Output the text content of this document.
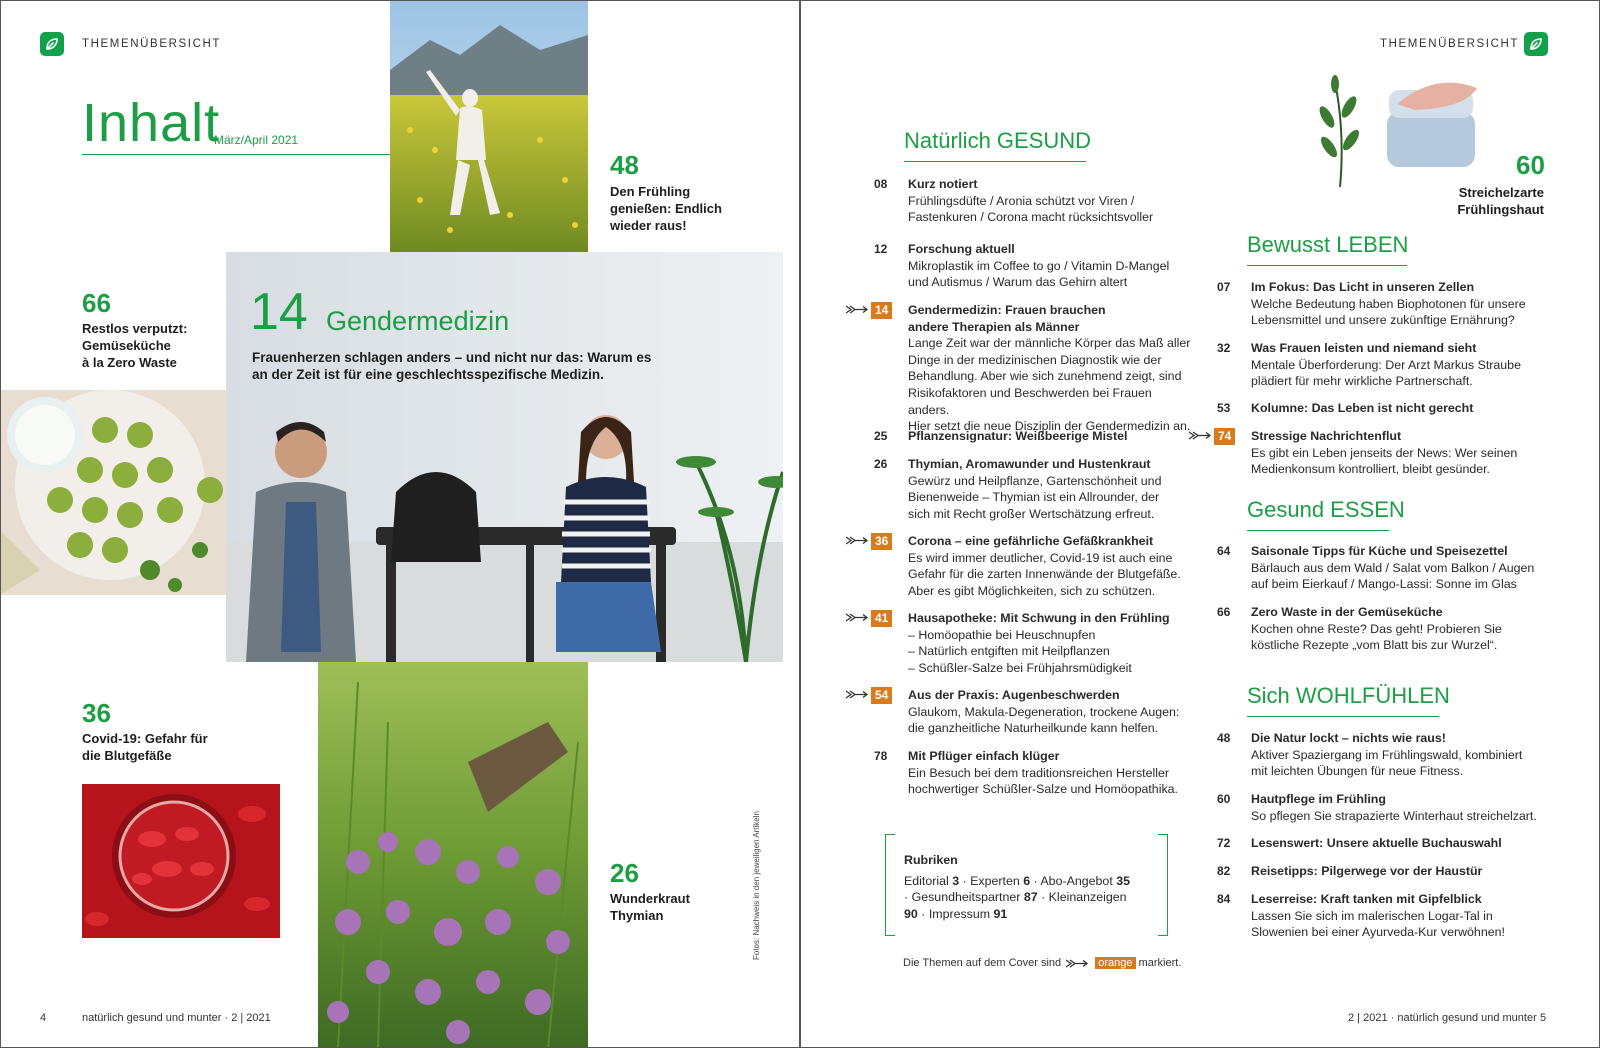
THEMENÜBERSICHT
Inhalt
März/April 2021
48
Den Frühling
genießen: Endlich
wieder raus!
66
Restlos verputzt:
Gemüseküche
à la Zero Waste
14 Gendermedizin
Frauenherzen schlagen anders – und nicht nur das: Warum es
an der Zeit ist für eine geschlechtsspezifische Medizin.
36
Covid-19: Gefahr für
die Blutgefäße
26
Wunderkraut
Thymian	Fotos: Nachweis in den jeweiligen Artikeln
4	natürlich gesund und munter · 2 | 2021
THEMENÜBERSICHT
60
Streichelzarte Frühlingshaut
Rubriken
Editorial 3 · Experten 6 · Abo-Angebot 35 · Gesundheitspartner 87 · Kleinanzeigen 90 · Impressum 91
Die Themen auf dem Cover sind	orange markiert.
2 | 2021 · natürlich gesund und munter 5
Natürlich GESUND
08 Kurz notiert
Frühlingsdüfte / Aronia schützt vor Viren /
Fastenkuren / Corona macht rücksichtsvoller
12 Forschung aktuell
Mikroplastik im Coffee to go / Vitamin D-Mangel
und Autismus / Warum das Gehirn altert
14	Gendermedizin: Frauen brauchen
andere Therapien als Männer
Lange Zeit war der männliche Körper das Maß aller
Dinge in der medizinischen Diagnostik wie der
Behandlung. Aber wie sich zunehmend zeigt, sind
Risikofaktoren und Beschwerden bei Frauen anders.
Hier setzt die neue Disziplin der Gendermedizin an.
25 Pflanzensignatur: Weißbeerige Mistel
26 Thymian, Aromawunder und Hustenkraut
Gewürz und Heilpflanze, Gartenschönheit und
Bienenweide – Thymian ist ein Allrounder, der
sich mit Recht großer Wertschätzung erfreut.
36	Corona – eine gefährliche Gefäßkrankheit
Es wird immer deutlicher, Covid-19 ist auch eine
Gefahr für die zarten Innenwände der Blutgefäße.
Aber es gibt Möglichkeiten, sich zu schützen.
41	Hausapotheke: Mit Schwung in den Frühling
– Homöopathie bei Heuschnupfen
– Natürlich entgiften mit Heilpflanzen
– Schüßler-Salze bei Frühjahrsmüdigkeit
54	Aus der Praxis: Augenbeschwerden
Glaukom, Makula-Degeneration, trockene Augen:
die ganzheitliche Naturheilkunde kann helfen.
78 Mit Pflüger einfach klüger
Ein Besuch bei dem traditionsreichen Hersteller
hochwertiger Schüßler-Salze und Homöopathika.
Bewusst LEBEN
07 Im Fokus: Das Licht in unseren Zellen
Welche Bedeutung haben Biophotonen für unsere
Lebensmittel und unsere zukünftige Ernährung?
32 Was Frauen leisten und niemand sieht
Mentale Überforderung: Der Arzt Markus Straube
plädiert für mehr wirkliche Partnerschaft.
53 Kolumne: Das Leben ist nicht gerecht
74	Stressige Nachrichtenflut
Es gibt ein Leben jenseits der News: Wer seinen
Medienkonsum kontrolliert, bleibt gesünder.
Gesund ESSEN
64 Saisonale Tipps für Küche und Speisezettel
Bärlauch aus dem Wald / Salat vom Balkon / Augen
auf beim Eierkauf / Mango-Lassi: Sonne im Glas
66 Zero Waste in der Gemüseküche
Kochen ohne Reste? Das geht! Probieren Sie
köstliche Rezepte „vom Blatt bis zur Wurzel“.
Sich WOHLFÜHLEN
48 Die Natur lockt – nichts wie raus!
Aktiver Spaziergang im Frühlingswald, kombiniert
mit leichten Übungen für neue Fitness.
60 Hautpflege im Frühling
So pflegen Sie strapazierte Winterhaut streichelzart.
72 Lesenswert: Unsere aktuelle Buchauswahl
82 Reisetipps: Pilgerwege vor der Haustür
84 Leserreise: Kraft tanken mit Gipfelblick
Lassen Sie sich im malerischen Logar-Tal in
Slowenien bei einer Ayurveda-Kur verwöhnen!
